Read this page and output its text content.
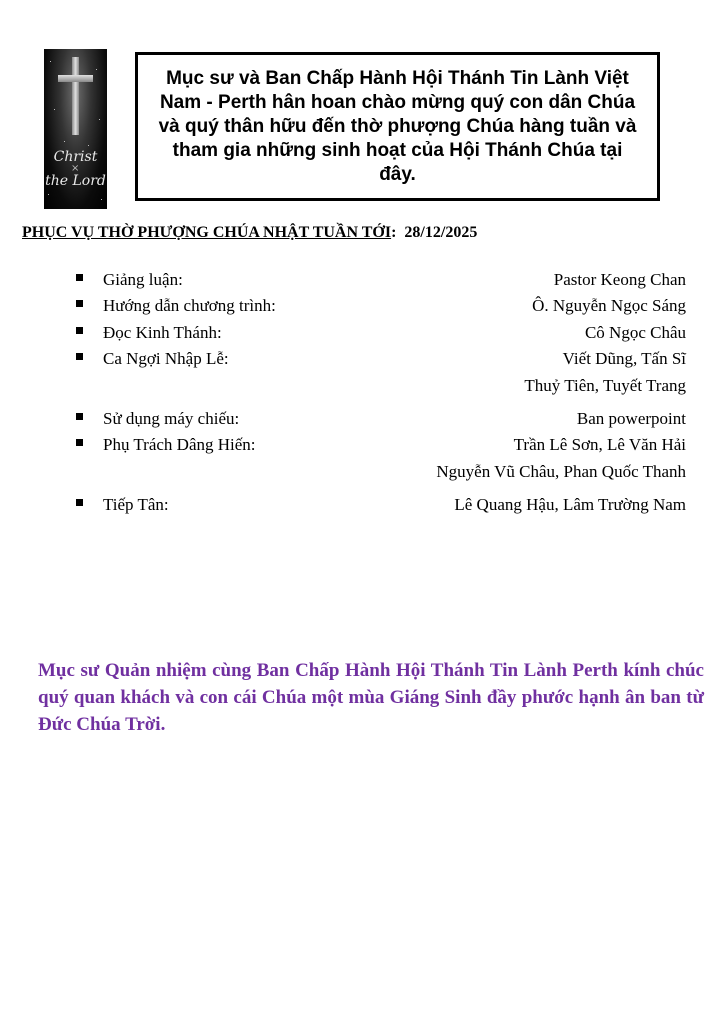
Christ
×
the Lord
Mục sư và Ban Chấp Hành Hội Thánh Tin Lành Việt Nam - Perth hân hoan chào mừng quý con dân Chúa và quý thân hữu đến thờ phượng Chúa hàng tuần và tham gia những sinh hoạt của Hội Thánh Chúa tại đây.
PHỤC VỤ THỜ PHƯỢNG CHÚA NHẬT TUẦN TỚI: 28/12/2025
Giảng luận:	Pastor Keong Chan
Hướng dẫn chương trình:	Ô. Nguyễn Ngọc Sáng
Đọc Kinh Thánh:	Cô Ngọc Châu
Ca Ngợi Nhập Lễ:	Viết Dũng, Tấn Sĩ
Thuỷ Tiên, Tuyết Trang
Sử dụng máy chiếu:	Ban powerpoint
Phụ Trách Dâng Hiến:	Trần Lê Sơn, Lê Văn Hải
Nguyễn Vũ Châu, Phan Quốc Thanh
Tiếp Tân:	Lê Quang Hậu, Lâm Trường Nam
Mục sư Quản nhiệm cùng Ban Chấp Hành Hội Thánh Tin Lành Perth kính chúc quý quan khách và con cái Chúa một mùa Giáng Sinh đầy phước hạnh ân ban từ Đức Chúa Trời.
